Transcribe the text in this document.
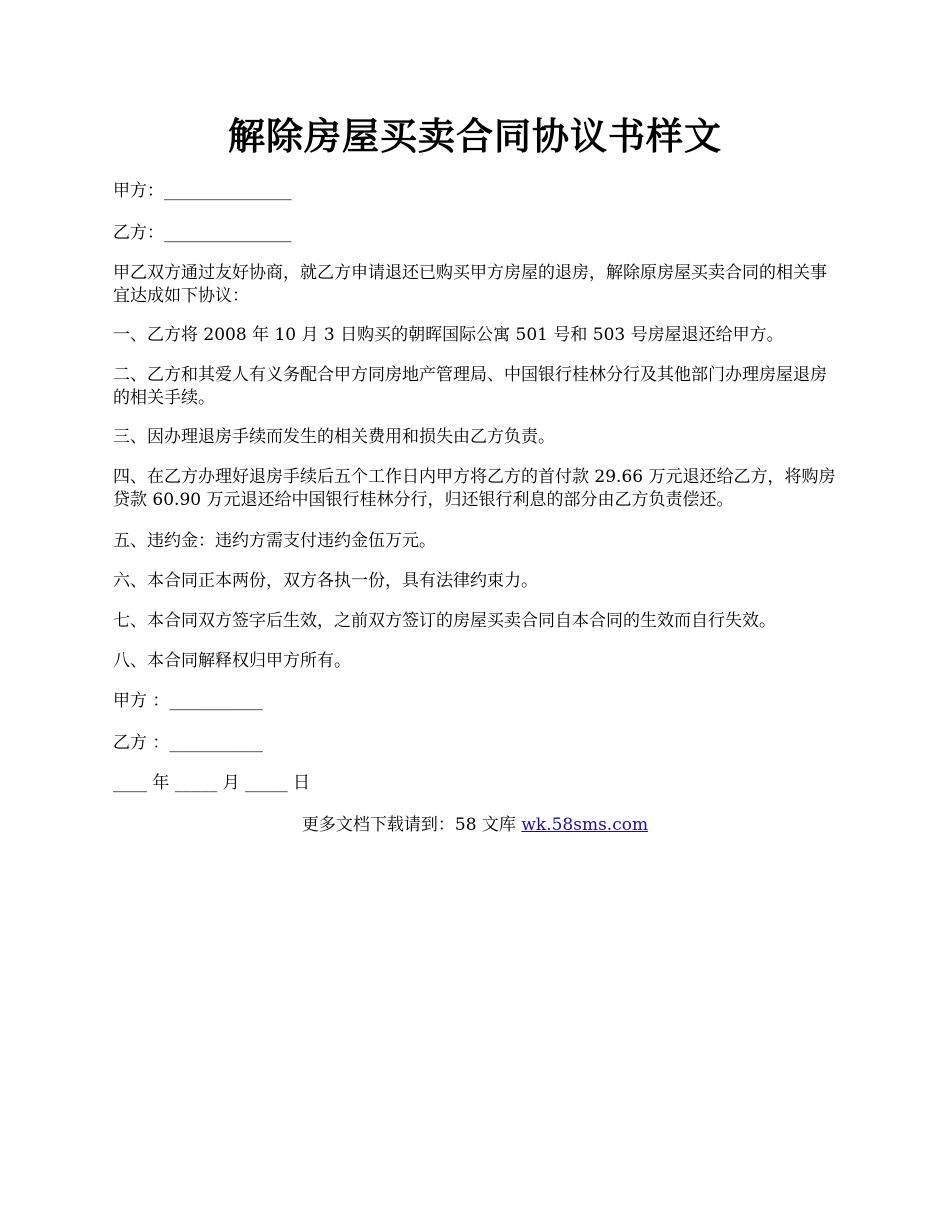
解除房屋买卖合同协议书样文
甲方：_______________
乙方：_______________
甲乙双方通过友好协商，就乙方申请退还已购买甲方房屋的退房，解除原房屋买卖合同的相关事宜达成如下协议：
一、乙方将 2008 年 10 月 3 日购买的朝晖国际公寓 501 号和 503 号房屋退还给甲方。
二、乙方和其爱人有义务配合甲方同房地产管理局、中国银行桂林分行及其他部门办理房屋退房的相关手续。
三、因办理退房手续而发生的相关费用和损失由乙方负责。
四、在乙方办理好退房手续后五个工作日内甲方将乙方的首付款 29.66 万元退还给乙方，将购房贷款 60.90 万元退还给中国银行桂林分行，归还银行利息的部分由乙方负责偿还。
五、违约金：违约方需支付违约金伍万元。
六、本合同正本两份，双方各执一份，具有法律约束力。
七、本合同双方签字后生效，之前双方签订的房屋买卖合同自本合同的生效而自行失效。
八、本合同解释权归甲方所有。
甲方 ：___________
乙方 ：___________
____ 年 _____ 月 _____ 日
更多文档下载请到：58 文库 wk.58sms.com
